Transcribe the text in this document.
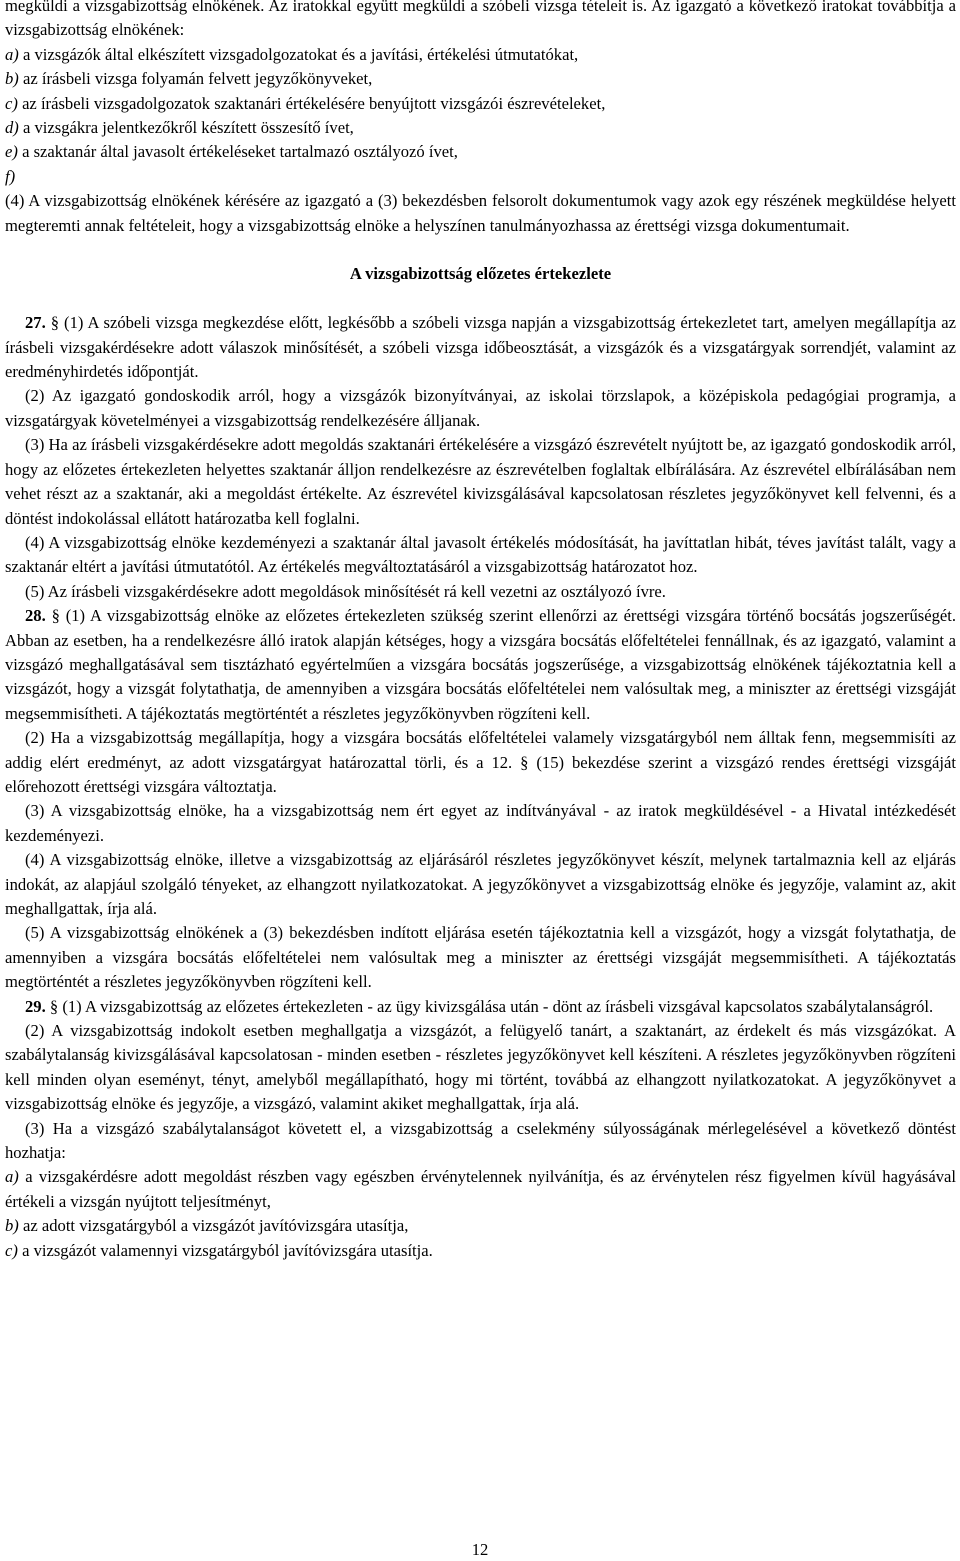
megküldi a vizsgabizottság elnökének. Az iratokkal együtt megküldi a szóbeli vizsga tételeit is. Az igazgató a következő iratokat továbbítja a vizsgabizottság elnökének:

a) a vizsgázók által elkészített vizsgadolgozatokat és a javítási, értékelési útmutatókat,

b) az írásbeli vizsga folyamán felvett jegyzőkönyveket,

c) az írásbeli vizsgadolgozatok szaktanári értékelésére benyújtott vizsgázói észrevételeket,

d) a vizsgákra jelentkezőkről készített összesítő ívet,

e) a szaktanár által javasolt értékeléseket tartalmazó osztályozó ívet,

f)

(4) A vizsgabizottság elnökének kérésére az igazgató a (3) bekezdésben felsorolt dokumentumok vagy azok egy részének megküldése helyett megteremti annak feltételeit, hogy a vizsgabizottság elnöke a helyszínen tanulmányozhassa az érettségi vizsga dokumentumait.

A vizsgabizottság előzetes értekezlete

27. § (1) A szóbeli vizsga megkezdése előtt, legkésőbb a szóbeli vizsga napján a vizsgabizottság értekezletet tart, amelyen megállapítja az írásbeli vizsgakérdésekre adott válaszok minősítését, a szóbeli vizsga időbeosztását, a vizsgázók és a vizsgatárgyak sorrendjét, valamint az eredményhirdetés időpontját.

(2) Az igazgató gondoskodik arról, hogy a vizsgázók bizonyítványai, az iskolai törzslapok, a középiskola pedagógiai programja, a vizsgatárgyak követelményei a vizsgabizottság rendelkezésére álljanak.

(3) Ha az írásbeli vizsgakérdésekre adott megoldás szaktanári értékelésére a vizsgázó észrevételt nyújtott be, az igazgató gondoskodik arról, hogy az előzetes értekezleten helyettes szaktanár álljon rendelkezésre az észrevételben foglaltak elbírálására. Az észrevétel elbírálásában nem vehet részt az a szaktanár, aki a megoldást értékelte. Az észrevétel kivizsgálásával kapcsolatosan részletes jegyzőkönyvet kell felvenni, és a döntést indokolással ellátott határozatba kell foglalni.

(4) A vizsgabizottság elnöke kezdeményezi a szaktanár által javasolt értékelés módosítását, ha javíttatlan hibát, téves javítást talált, vagy a szaktanár eltért a javítási útmutatótól. Az értékelés megváltoztatásáról a vizsgabizottság határozatot hoz.

(5) Az írásbeli vizsgakérdésekre adott megoldások minősítését rá kell vezetni az osztályozó ívre.

28. § (1) A vizsgabizottság elnöke az előzetes értekezleten szükség szerint ellenőrzi az érettségi vizsgára történő bocsátás jogszerűségét. Abban az esetben, ha a rendelkezésre álló iratok alapján kétséges, hogy a vizsgára bocsátás előfeltételei fennállnak, és az igazgató, valamint a vizsgázó meghallgatásával sem tisztázható egyértelműen a vizsgára bocsátás jogszerűsége, a vizsgabizottság elnökének tájékoztatnia kell a vizsgázót, hogy a vizsgát folytathatja, de amennyiben a vizsgára bocsátás előfeltételei nem valósultak meg, a miniszter az érettségi vizsgáját megsemmisítheti. A tájékoztatás megtörténtét a részletes jegyzőkönyvben rögzíteni kell.

(2) Ha a vizsgabizottság megállapítja, hogy a vizsgára bocsátás előfeltételei valamely vizsgatárgyból nem álltak fenn, megsemmisíti az addig elért eredményt, az adott vizsgatárgyat határozattal törli, és a 12. § (15) bekezdése szerint a vizsgázó rendes érettségi vizsgáját előrehozott érettségi vizsgára változtatja.

(3) A vizsgabizottság elnöke, ha a vizsgabizottság nem ért egyet az indítványával - az iratok megküldésével - a Hivatal intézkedését kezdeményezi.

(4) A vizsgabizottság elnöke, illetve a vizsgabizottság az eljárásáról részletes jegyzőkönyvet készít, melynek tartalmaznia kell az eljárás indokát, az alapjául szolgáló tényeket, az elhangzott nyilatkozatokat. A jegyzőkönyvet a vizsgabizottság elnöke és jegyzője, valamint az, akit meghallgattak, írja alá.

(5) A vizsgabizottság elnökének a (3) bekezdésben indított eljárása esetén tájékoztatnia kell a vizsgázót, hogy a vizsgát folytathatja, de amennyiben a vizsgára bocsátás előfeltételei nem valósultak meg a miniszter az érettségi vizsgáját megsemmisítheti. A tájékoztatás megtörténtét a részletes jegyzőkönyvben rögzíteni kell.

29. § (1) A vizsgabizottság az előzetes értekezleten - az ügy kivizsgálása után - dönt az írásbeli vizsgával kapcsolatos szabálytalanságról.

(2) A vizsgabizottság indokolt esetben meghallgatja a vizsgázót, a felügyelő tanárt, a szaktanárt, az érdekelt és más vizsgázókat. A szabálytalanság kivizsgálásával kapcsolatosan - minden esetben - részletes jegyzőkönyvet kell készíteni. A részletes jegyzőkönyvben rögzíteni kell minden olyan eseményt, tényt, amelyből megállapítható, hogy mi történt, továbbá az elhangzott nyilatkozatokat. A jegyzőkönyvet a vizsgabizottság elnöke és jegyzője, a vizsgázó, valamint akiket meghallgattak, írja alá.

(3) Ha a vizsgázó szabálytalanságot követett el, a vizsgabizottság a cselekmény súlyosságának mérlegelésével a következő döntést hozhatja:

a) a vizsgakérdésre adott megoldást részben vagy egészben érvénytelennek nyilvánítja, és az érvénytelen rész figyelmen kívül hagyásával értékeli a vizsgán nyújtott teljesítményt,

b) az adott vizsgatárgyból a vizsgázót javítóvizsgára utasítja,

c) a vizsgázót valamennyi vizsgatárgyból javítóvizsgára utasítja.

12
